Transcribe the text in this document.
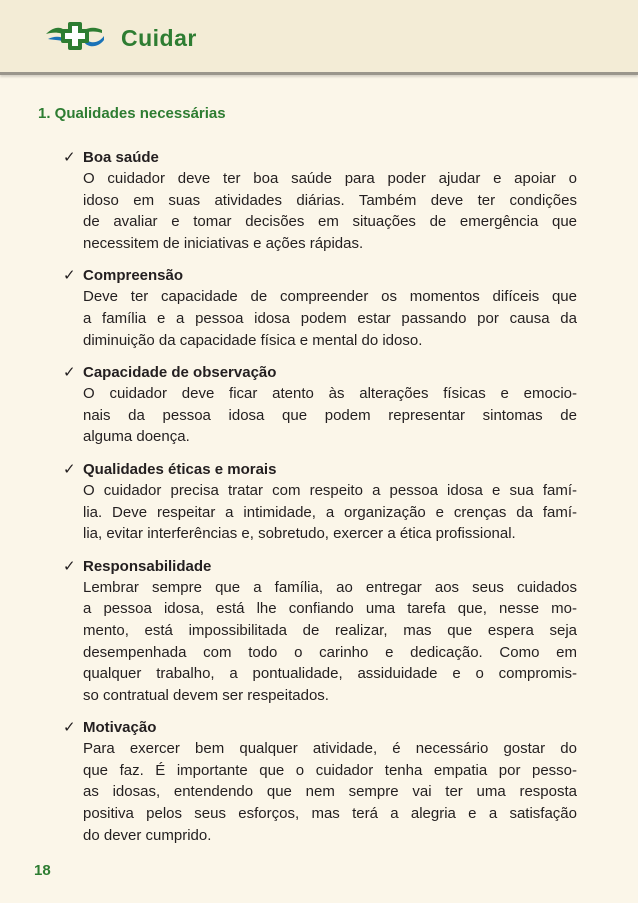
Cuidar
1. Qualidades necessárias
✓ Boa saúde
O cuidador deve ter boa saúde para poder ajudar e apoiar o
idoso em suas atividades diárias. Também deve ter condições
de avaliar e tomar decisões em situações de emergência que
necessitem de iniciativas e ações rápidas.
✓ Compreensão
Deve ter capacidade de compreender os momentos difíceis que
a família e a pessoa idosa podem estar passando por causa da
diminuição da capacidade física e mental do idoso.
✓ Capacidade de observação
O cuidador deve ficar atento às alterações físicas e emocio-
nais da pessoa idosa que podem representar sintomas de
alguma doença.
✓ Qualidades éticas e morais
O cuidador precisa tratar com respeito a pessoa idosa e sua famí-
lia. Deve respeitar a intimidade, a organização e crenças da famí-
lia, evitar interferências e, sobretudo, exercer a ética profissional.
✓ Responsabilidade
Lembrar sempre que a família, ao entregar aos seus cuidados
a pessoa idosa, está lhe confiando uma tarefa que, nesse mo-
mento, está impossibilitada de realizar, mas que espera seja
desempenhada com todo o carinho e dedicação. Como em
qualquer trabalho, a pontualidade, assiduidade e o compromis-
so contratual devem ser respeitados.
✓ Motivação
Para exercer bem qualquer atividade, é necessário gostar do
que faz. É importante que o cuidador tenha empatia por pesso-
as idosas, entendendo que nem sempre vai ter uma resposta
positiva pelos seus esforços, mas terá a alegria e a satisfação
do dever cumprido.
18
